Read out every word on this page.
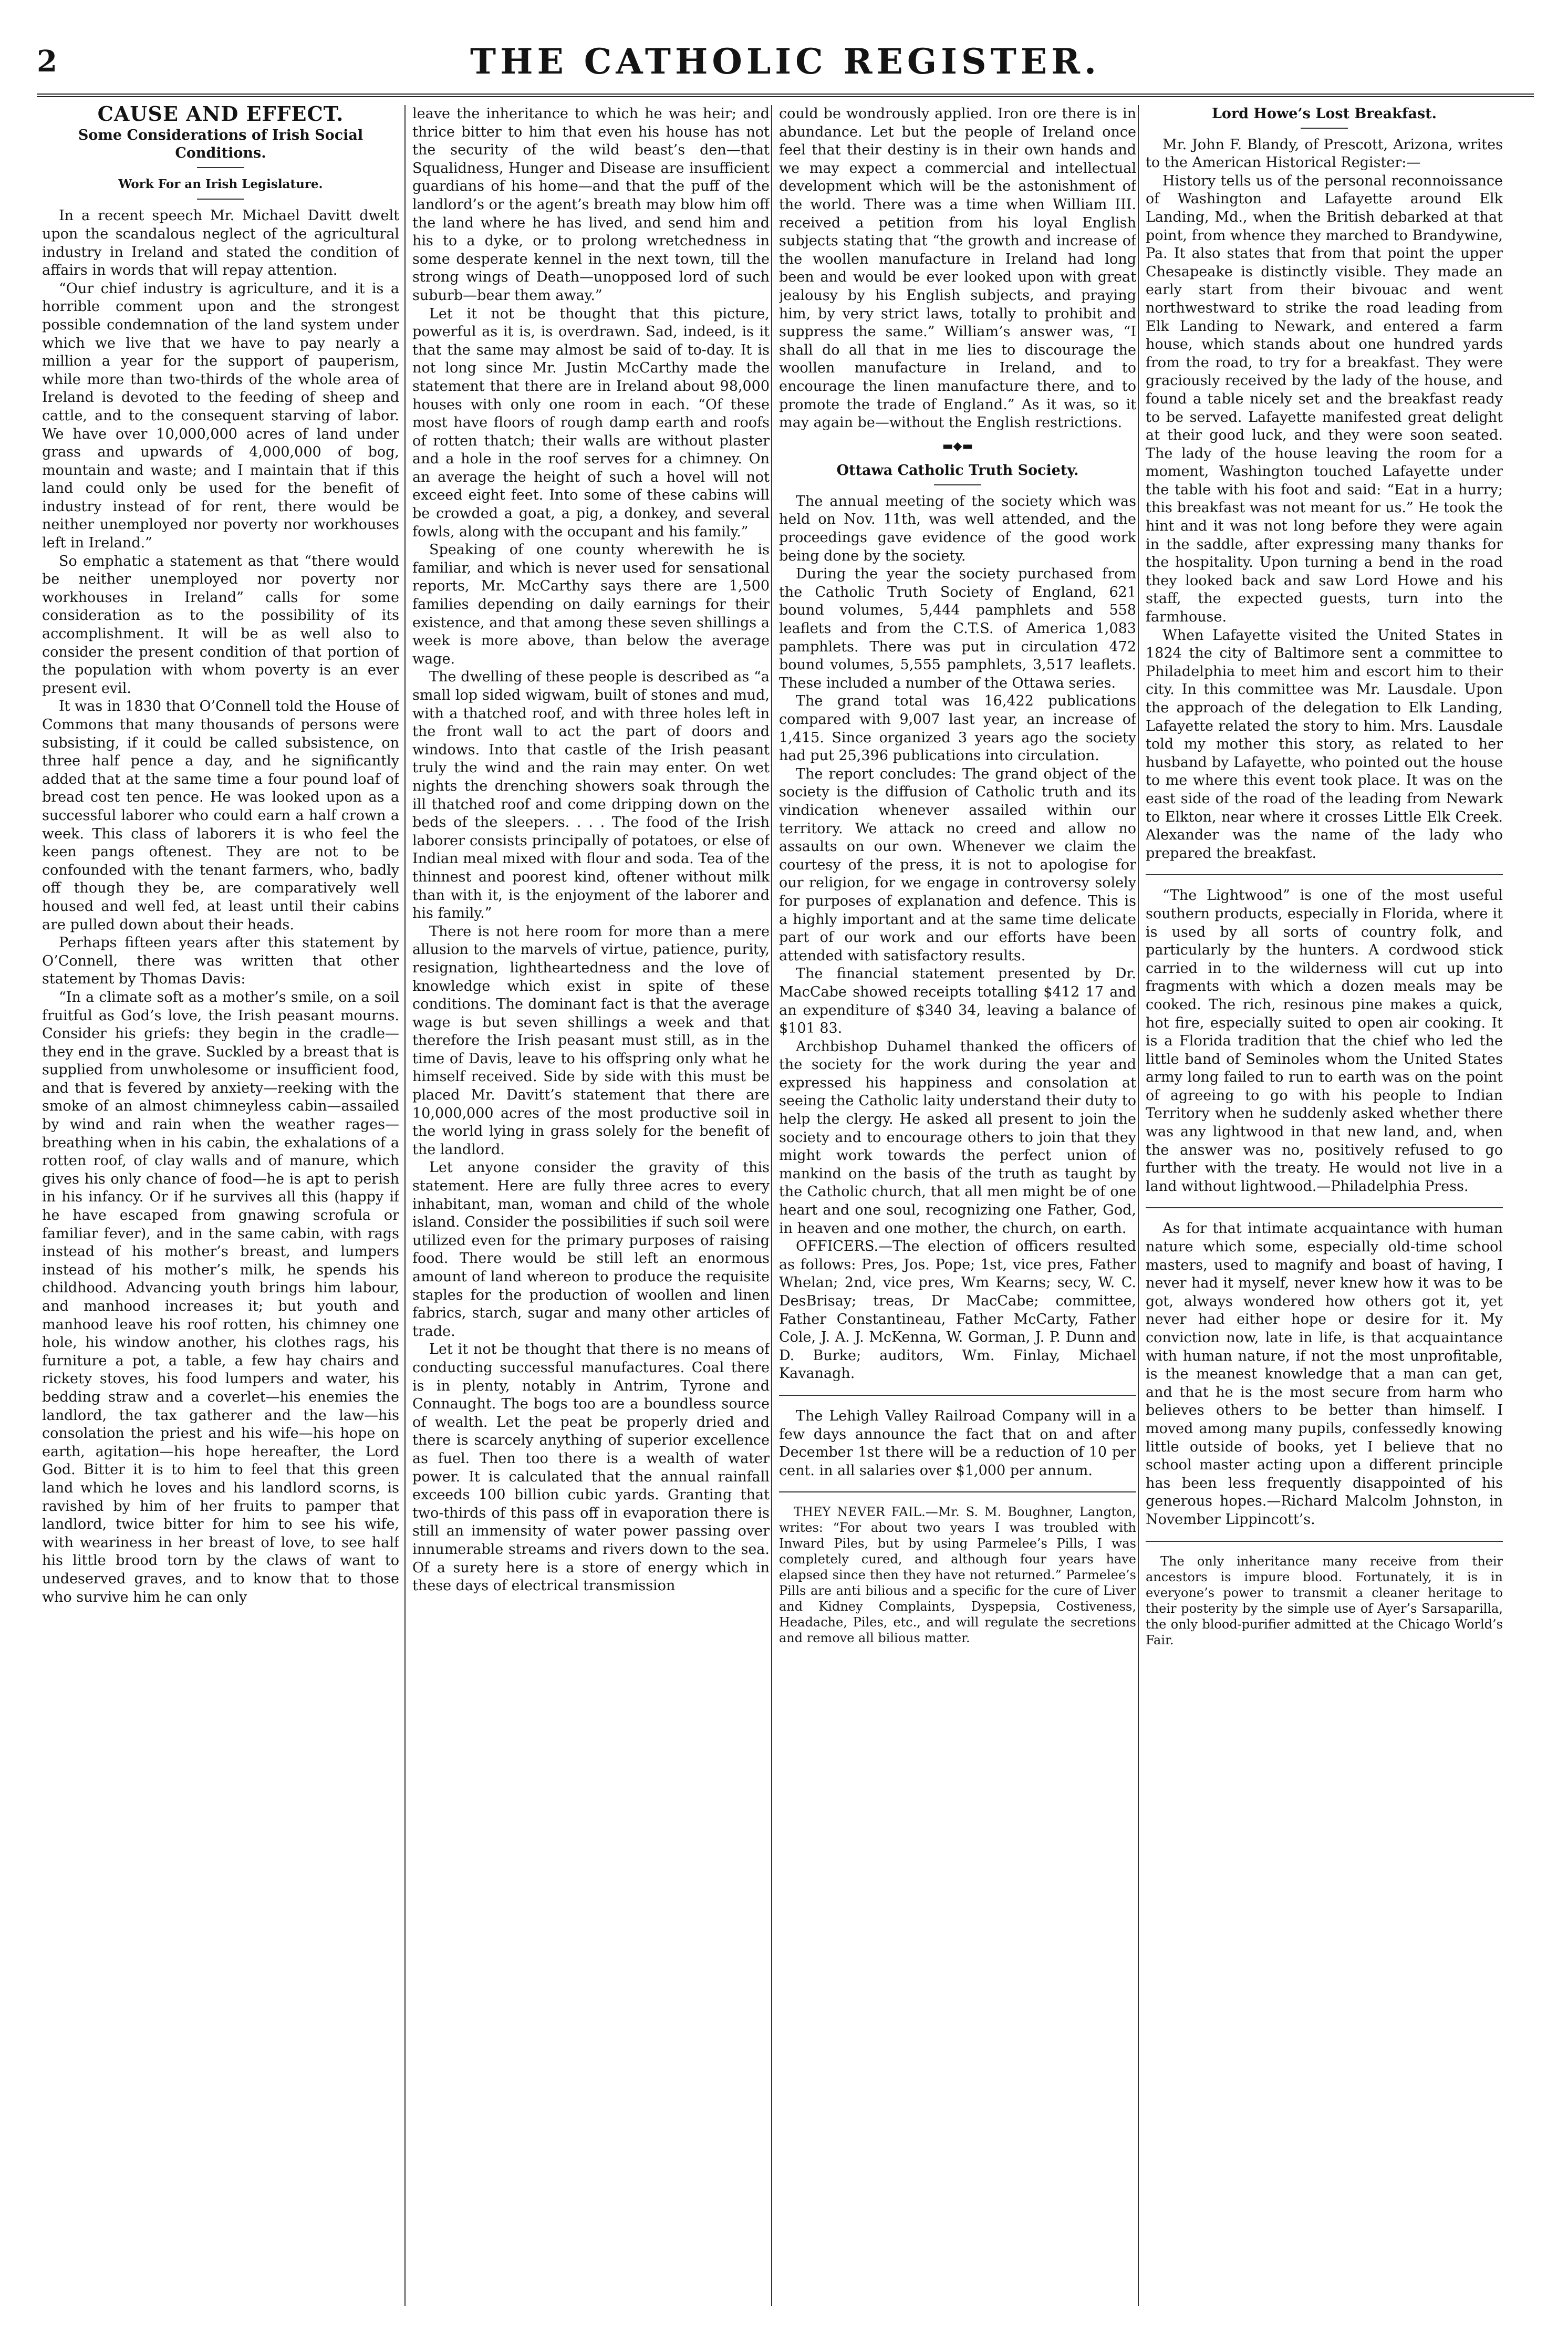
2	THE CATHOLIC REGISTER.
CAUSE AND EFFECT.
Some Considerations of Irish Social Conditions.
Work For an Irish Legislature.

In a recent speech Mr. Michael Davitt dwelt upon the scandalous neglect of the agricultural industry in Ireland and stated the condition of affairs in words that will repay attention.

“Our chief industry is agriculture, and it is a horrible comment upon and the strongest possible condemnation of the land system under which we live that we have to pay nearly a million a year for the support of pauperism, while more than two-thirds of the whole area of Ireland is devoted to the feeding of sheep and cattle, and to the consequent starving of labor. We have over 10,000,000 acres of land under grass and upwards of 4,000,000 of bog, mountain and waste; and I maintain that if this land could only be used for the benefit of industry instead of for rent, there would be neither unemployed nor poverty nor workhouses left in Ireland.”

So emphatic a statement as that “there would be neither unemployed nor poverty nor workhouses in Ireland” calls for some consideration as to the possibility of its accomplishment. It will be as well also to consider the present condition of that portion of the population with whom poverty is an ever present evil.

It was in 1830 that O’Connell told the House of Commons that many thousands of persons were subsisting, if it could be called subsistence, on three half pence a day, and he significantly added that at the same time a four pound loaf of bread cost ten pence. He was looked upon as a successful laborer who could earn a half crown a week. This class of laborers it is who feel the keen pangs oftenest. They are not to be confounded with the tenant farmers, who, badly off though they be, are comparatively well housed and well fed, at least until their cabins are pulled down about their heads.

Perhaps fifteen years after this statement by O’Connell, there was written that other statement by Thomas Davis:

“In a climate soft as a mother’s smile, on a soil fruitful as God’s love, the Irish peasant mourns. Consider his griefs: they begin in the cradle—they end in the grave. Suckled by a breast that is supplied from unwholesome or insufficient food, and that is fevered by anxiety—reeking with the smoke of an almost chimneyless cabin—assailed by wind and rain when the weather rages—breathing when in his cabin, the exhalations of a rotten roof, of clay walls and of manure, which gives his only chance of food—he is apt to perish in his infancy. Or if he survives all this (happy if he have escaped from gnawing scrofula or familiar fever), and in the same cabin, with rags instead of his mother’s breast, and lumpers instead of his mother’s milk, he spends his childhood. Advancing youth brings him labour, and manhood increases it; but youth and manhood leave his roof rotten, his chimney one hole, his window another, his clothes rags, his furniture a pot, a table, a few hay chairs and rickety stoves, his food lumpers and water, his bedding straw and a coverlet—his enemies the landlord, the tax gatherer and the law—his consolation the priest and his wife—his hope on earth, agitation—his hope hereafter, the Lord God. Bitter it is to him to feel that this green land which he loves and his landlord scorns, is ravished by him of her fruits to pamper that landlord, twice bitter for him to see his wife, with weariness in her breast of love, to see half his little brood torn by the claws of want to undeserved graves, and to know that to those who survive him he can only

leave the inheritance to which he was heir; and thrice bitter to him that even his house has not the security of the wild beast’s den—that Squalidness, Hunger and Disease are insufficient guardians of his home—and that the puff of the landlord’s or the agent’s breath may blow him off the land where he has lived, and send him and his to a dyke, or to prolong wretchedness in some desperate kennel in the next town, till the strong wings of Death—unopposed lord of such suburb—bear them away.”

Let it not be thought that this picture, powerful as it is, is overdrawn. Sad, indeed, is it that the same may almost be said of to-day. It is not long since Mr. Justin McCarthy made the statement that there are in Ireland about 98,000 houses with only one room in each. “Of these most have floors of rough damp earth and roofs of rotten thatch; their walls are without plaster and a hole in the roof serves for a chimney. On an average the height of such a hovel will not exceed eight feet. Into some of these cabins will be crowded a goat, a pig, a donkey, and several fowls, along with the occupant and his family.”

Speaking of one county wherewith he is familiar, and which is never used for sensational reports, Mr. McCarthy says there are 1,500 families depending on daily earnings for their existence, and that among these seven shillings a week is more above, than below the average wage.

The dwelling of these people is described as “a small lop sided wigwam, built of stones and mud, with a thatched roof, and with three holes left in the front wall to act the part of doors and windows. Into that castle of the Irish peasant truly the wind and the rain may enter. On wet nights the drenching showers soak through the ill thatched roof and come dripping down on the beds of the sleepers. . . . The food of the Irish laborer consists principally of potatoes, or else of Indian meal mixed with flour and soda. Tea of the thinnest and poorest kind, oftener without milk than with it, is the enjoyment of the laborer and his family.”

There is not here room for more than a mere allusion to the marvels of virtue, patience, purity, resignation, lightheartedness and the love of knowledge which exist in spite of these conditions. The dominant fact is that the average wage is but seven shillings a week and that therefore the Irish peasant must still, as in the time of Davis, leave to his offspring only what he himself received. Side by side with this must be placed Mr. Davitt’s statement that there are 10,000,000 acres of the most productive soil in the world lying in grass solely for the benefit of the landlord.

Let anyone consider the gravity of this statement. Here are fully three acres to every inhabitant, man, woman and child of the whole island. Consider the possibilities if such soil were utilized even for the primary purposes of raising food. There would be still left an enormous amount of land whereon to produce the requisite staples for the production of woollen and linen fabrics, starch, sugar and many other articles of trade.

Let it not be thought that there is no means of conducting successful manufactures. Coal there is in plenty, notably in Antrim, Tyrone and Connaught. The bogs too are a boundless source of wealth. Let the peat be properly dried and there is scarcely anything of superior excellence as fuel. Then too there is a wealth of water power. It is calculated that the annual rainfall exceeds 100 billion cubic yards. Granting that two-thirds of this pass off in evaporation there is still an immensity of water power passing over innumerable streams and rivers down to the sea. Of a surety here is a store of energy which in these days of electrical transmission

could be wondrously applied. Iron ore there is in abundance. Let but the people of Ireland once feel that their destiny is in their own hands and we may expect a commercial and intellectual development which will be the astonishment of the world. There was a time when William III. received a petition from his loyal English subjects stating that “the growth and increase of the woollen manufacture in Ireland had long been and would be ever looked upon with great jealousy by his English subjects, and praying him, by very strict laws, totally to prohibit and suppress the same.” William’s answer was, “I shall do all that in me lies to discourage the woollen manufacture in Ireland, and to encourage the linen manufacture there, and to promote the trade of England.” As it was, so it may again be—without the English restrictions.

▬◆▬
Ottawa Catholic Truth Society.

The annual meeting of the society which was held on Nov. 11th, was well attended, and the proceedings gave evidence of the good work being done by the society.

During the year the society purchased from the Catholic Truth Society of England, 621 bound volumes, 5,444 pamphlets and 558 leaflets and from the C.T.S. of America 1,083 pamphlets. There was put in circulation 472 bound volumes, 5,555 pamphlets, 3,517 leaflets. These included a number of the Ottawa series.

The grand total was 16,422 publications compared with 9,007 last year, an increase of 1,415. Since organized 3 years ago the society had put 25,396 publications into circulation.

The report concludes: The grand object of the society is the diffusion of Catholic truth and its vindication whenever assailed within our territory. We attack no creed and allow no assaults on our own. Whenever we claim the courtesy of the press, it is not to apologise for our religion, for we engage in controversy solely for purposes of explanation and defence. This is a highly important and at the same time delicate part of our work and our efforts have been attended with satisfactory results.

The financial statement presented by Dr. MacCabe showed receipts totalling $412 17 and an expenditure of $340 34, leaving a balance of $101 83.

Archbishop Duhamel thanked the officers of the society for the work during the year and expressed his happiness and consolation at seeing the Catholic laity understand their duty to help the clergy. He asked all present to join the society and to encourage others to join that they might work towards the perfect union of mankind on the basis of the truth as taught by the Catholic church, that all men might be of one heart and one soul, recognizing one Father, God, in heaven and one mother, the church, on earth.

OFFICERS.—The election of officers resulted as follows: Pres, Jos. Pope; 1st, vice pres, Father Whelan; 2nd, vice pres, Wm Kearns; secy, W. C. DesBrisay; treas, Dr MacCabe; committee, Father Constantineau, Father McCarty, Father Cole, J. A. J. McKenna, W. Gorman, J. P. Dunn and D. Burke; auditors, Wm. Finlay, Michael Kavanagh.

The Lehigh Valley Railroad Company will in a few days announce the fact that on and after December 1st there will be a reduction of 10 per cent. in all salaries over $1,000 per annum.

THEY NEVER FAIL.—Mr. S. M. Boughner, Langton, writes: “For about two years I was troubled with Inward Piles, but by using Parmelee’s Pills, I was completely cured, and although four years have elapsed since then they have not returned.” Parmelee’s Pills are anti bilious and a specific for the cure of Liver and Kidney Complaints, Dyspepsia, Costiveness, Headache, Piles, etc., and will regulate the secretions and remove all bilious matter.

Lord Howe’s Lost Breakfast.

Mr. John F. Blandy, of Prescott, Arizona, writes to the American Historical Register:—

History tells us of the personal reconnoissance of Washington and Lafayette around Elk Landing, Md., when the British debarked at that point, from whence they marched to Brandywine, Pa. It also states that from that point the upper Chesapeake is distinctly visible. They made an early start from their bivouac and went northwestward to strike the road leading from Elk Landing to Newark, and entered a farm house, which stands about one hundred yards from the road, to try for a breakfast. They were graciously received by the lady of the house, and found a table nicely set and the breakfast ready to be served. Lafayette manifested great delight at their good luck, and they were soon seated. The lady of the house leaving the room for a moment, Washington touched Lafayette under the table with his foot and said: “Eat in a hurry; this breakfast was not meant for us.” He took the hint and it was not long before they were again in the saddle, after expressing many thanks for the hospitality. Upon turning a bend in the road they looked back and saw Lord Howe and his staff, the expected guests, turn into the farmhouse.

When Lafayette visited the United States in 1824 the city of Baltimore sent a committee to Philadelphia to meet him and escort him to their city. In this committee was Mr. Lausdale. Upon the approach of the delegation to Elk Landing, Lafayette related the story to him. Mrs. Lausdale told my mother this story, as related to her husband by Lafayette, who pointed out the house to me where this event took place. It was on the east side of the road of the leading from Newark to Elkton, near where it crosses Little Elk Creek. Alexander was the name of the lady who prepared the breakfast.

“The Lightwood” is one of the most useful southern products, especially in Florida, where it is used by all sorts of country folk, and particularly by the hunters. A cordwood stick carried in to the wilderness will cut up into fragments with which a dozen meals may be cooked. The rich, resinous pine makes a quick, hot fire, especially suited to open air cooking. It is a Florida tradition that the chief who led the little band of Seminoles whom the United States army long failed to run to earth was on the point of agreeing to go with his people to Indian Territory when he suddenly asked whether there was any lightwood in that new land, and, when the answer was no, positively refused to go further with the treaty. He would not live in a land without lightwood.—Philadelphia Press.

As for that intimate acquaintance with human nature which some, especially old-time school masters, used to magnify and boast of having, I never had it myself, never knew how it was to be got, always wondered how others got it, yet never had either hope or desire for it. My conviction now, late in life, is that acquaintance with human nature, if not the most unprofitable, is the meanest knowledge that a man can get, and that he is the most secure from harm who believes others to be better than himself. I moved among many pupils, confessedly knowing little outside of books, yet I believe that no school master acting upon a different principle has been less frequently disappointed of his generous hopes.—Richard Malcolm Johnston, in November Lippincott’s.

The only inheritance many receive from their ancestors is impure blood. Fortunately, it is in everyone’s power to transmit a cleaner heritage to their posterity by the simple use of Ayer’s Sarsaparilla, the only blood-purifier admitted at the Chicago World’s Fair.
